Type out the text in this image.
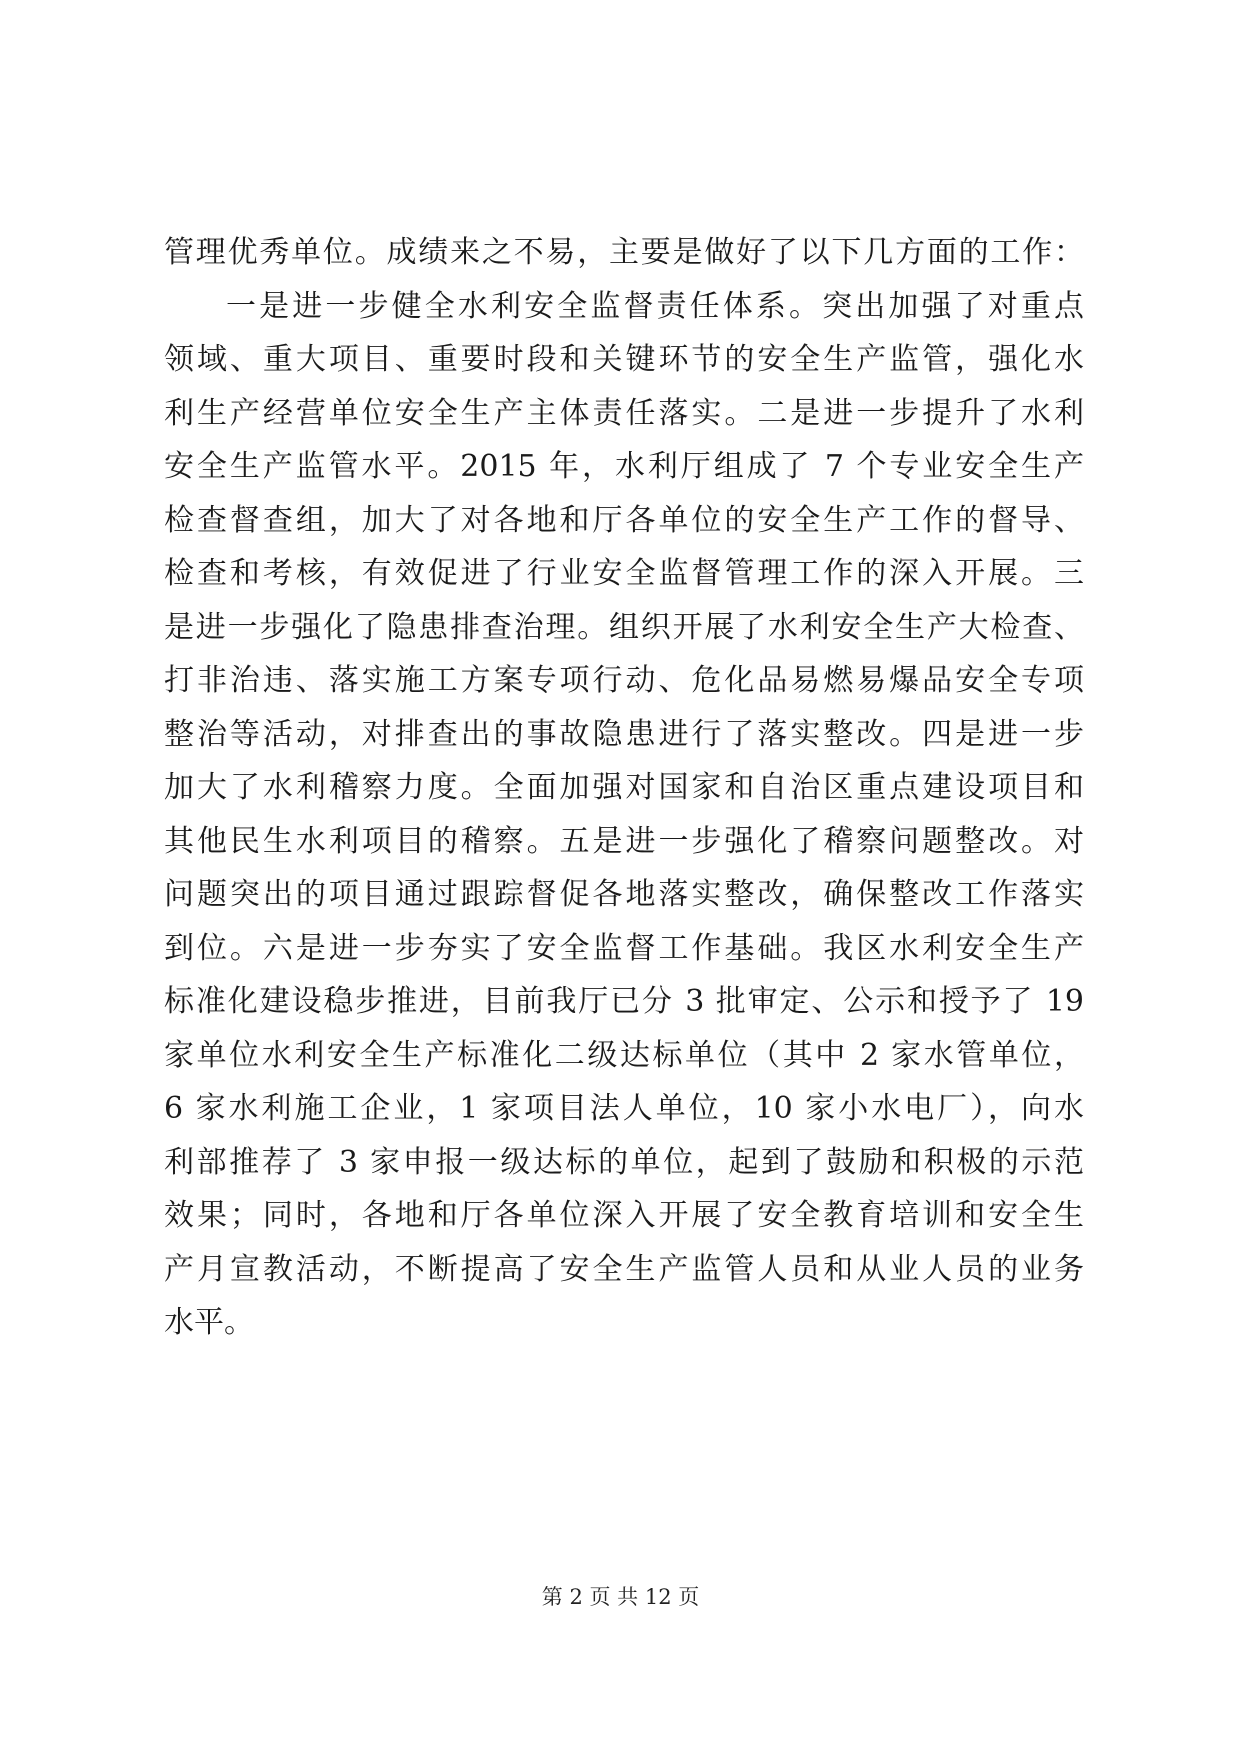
管理优秀单位。成绩来之不易，主要是做好了以下几方面的工作：
一是进一步健全水利安全监督责任体系。突出加强了对重点
领域、重大项目、重要时段和关键环节的安全生产监管，强化水
利生产经营单位安全生产主体责任落实。二是进一步提升了水利
安全生产监管水平。2015 年，水利厅组成了 7 个专业安全生产
检查督查组，加大了对各地和厅各单位的安全生产工作的督导、
检查和考核，有效促进了行业安全监督管理工作的深入开展。三
是进一步强化了隐患排查治理。组织开展了水利安全生产大检查、
打非治违、落实施工方案专项行动、危化品易燃易爆品安全专项
整治等活动，对排查出的事故隐患进行了落实整改。四是进一步
加大了水利稽察力度。全面加强对国家和自治区重点建设项目和
其他民生水利项目的稽察。五是进一步强化了稽察问题整改。对
问题突出的项目通过跟踪督促各地落实整改，确保整改工作落实
到位。六是进一步夯实了安全监督工作基础。我区水利安全生产
标准化建设稳步推进，目前我厅已分 3 批审定、公示和授予了 19
家单位水利安全生产标准化二级达标单位（其中 2 家水管单位，
6 家水利施工企业，1 家项目法人单位，10 家小水电厂），向水
利部推荐了 3 家申报一级达标的单位，起到了鼓励和积极的示范
效果；同时，各地和厅各单位深入开展了安全教育培训和安全生
产月宣教活动，不断提高了安全生产监管人员和从业人员的业务
水平。
第 2 页 共 12 页
